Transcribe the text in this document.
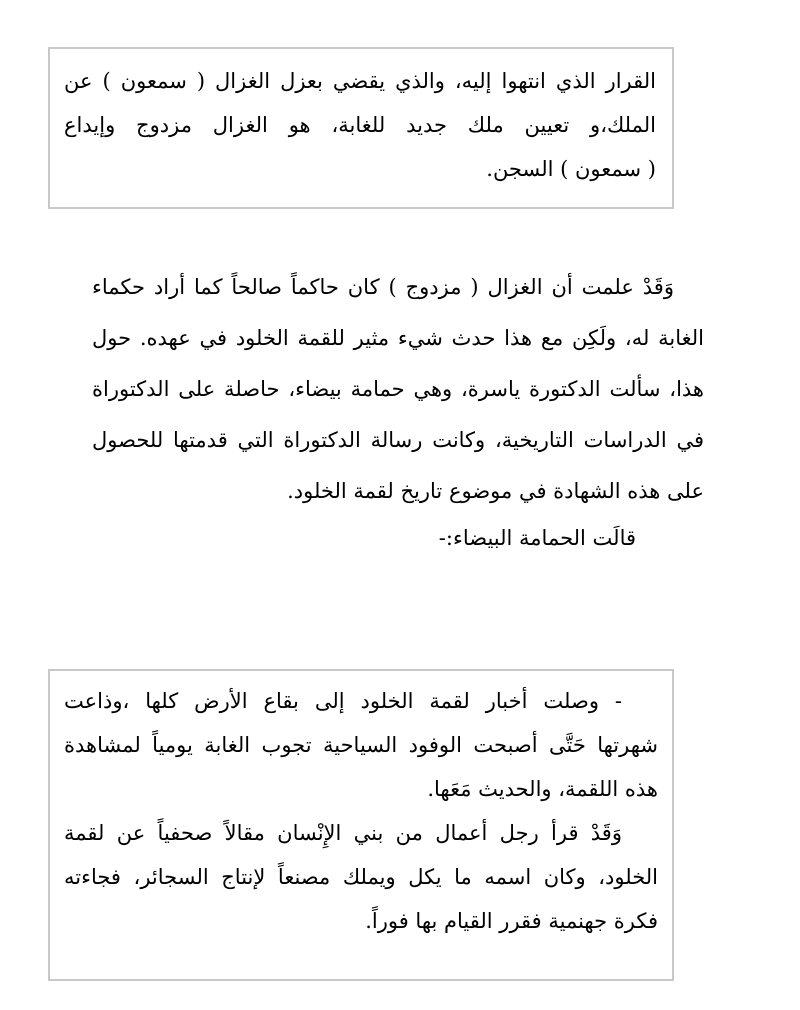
القرار الذي انتهوا إليه، والذي يقضي بعزل الغزال ( سمعون ) عن
الملك،و تعيين ملك جديد للغابة، هو الغزال مزدوج وإيداع
( سمعون ) السجن.
وَقَدْ علمت أن الغزال ( مزدوج ) كان حاكماً صالحاً كما أراد حكماء
الغابة له، ولَكِن مع هذا حدث شيء مثير للقمة الخلود في عهده. حول
هذا، سألت الدكتورة ياسرة، وهي حمامة بيضاء، حاصلة على الدكتوراة
في الدراسات التاريخية، وكانت رسالة الدكتوراة التي قدمتها للحصول
على هذه الشهادة في موضوع تاريخ لقمة الخلود.
قالَت الحمامة البيضاء:-
- وصلت أخبار لقمة الخلود إلى بقاع الأرض كلها ،وذاعت
شهرتها حَتَّى أصبحت الوفود السياحية تجوب الغابة يومياً لمشاهدة
هذه اللقمة، والحديث مَعَها.
وَقَدْ قرأ رجل أعمال من بني الإِنْسان مقالاً صحفياً عن لقمة
الخلود، وكان اسمه ما يكل ويملك مصنعاً لإنتاج السجائر، فجاءته
فكرة جهنمية فقرر القيام بها فوراً.
